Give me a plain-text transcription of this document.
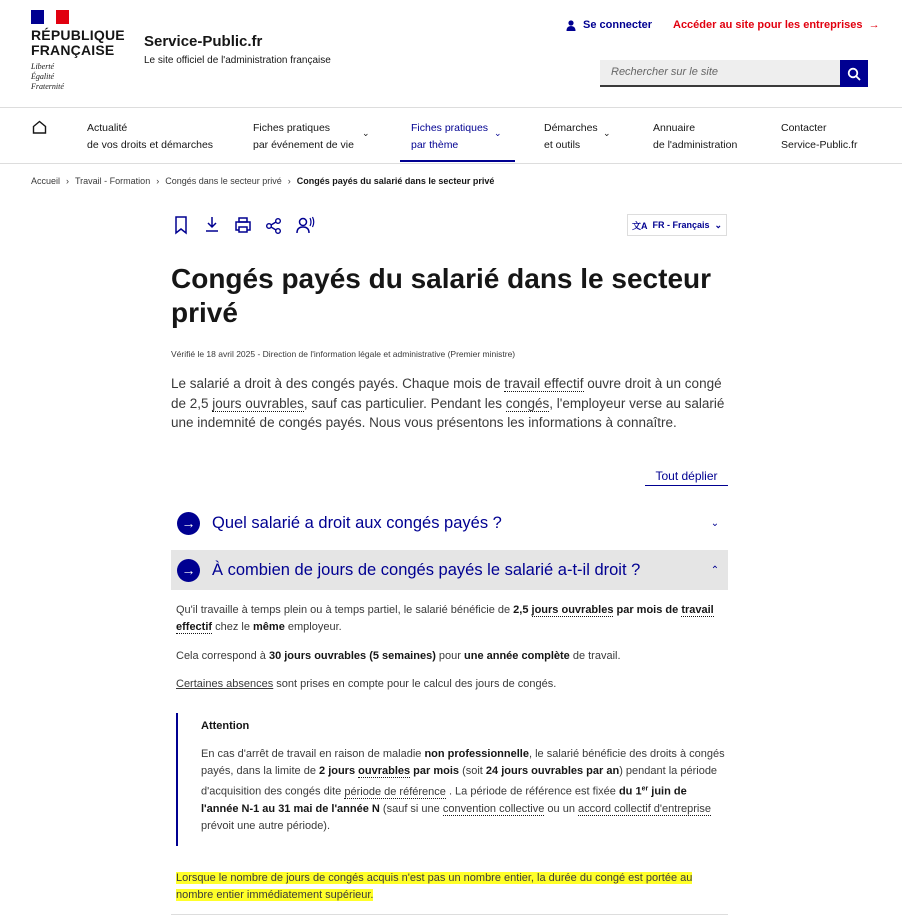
RÉPUBLIQUE
FRANÇAISE
Liberté
Égalité
Fraternité
Service-Public.fr
Le site officiel de l'administration française
Se connecter Accéder au site pour les entreprises  →
Rechercher sur le site
Actualité
de vos droits et démarches
Fiches pratiques
par événement de vie
⌄	Fiches pratiques
par thème
⌄	Démarches
et outils
⌄	Annuaire
de l'administration
Contacter
Service-Public.fr
Accueil › Travail - Formation › Congés dans le secteur privé › Congés payés du salarié dans le secteur privé
文A FR - Français ⌄
Congés payés du salarié dans le secteur privé
Vérifié le 18 avril 2025 - Direction de l'information légale et administrative (Premier ministre)
Le salarié a droit à des congés payés. Chaque mois de travail effectif ouvre droit à un congé de 2,5 jours ouvrables, sauf cas particulier. Pendant les congés, l'employeur verse au salarié une indemnité de congés payés. Nous vous présentons les informations à connaître.
Tout déplier
→ Quel salarié a droit aux congés payés ?	⌄
→ À combien de jours de congés payés le salarié a-t-il droit ?	⌃
Qu'il travaille à temps plein ou à temps partiel, le salarié bénéficie de 2,5 jours ouvrables par mois de travail effectif chez le même employeur.
Cela correspond à 30 jours ouvrables (5 semaines) pour une année complète de travail.
Certaines absences sont prises en compte pour le calcul des jours de congés.
Attention
En cas d'arrêt de travail en raison de maladie non professionnelle, le salarié bénéficie des droits à congés payés, dans la limite de 2 jours ouvrables par mois (soit 24 jours ouvrables par an) pendant la période d'acquisition des congés dite période de référence . La période de référence est fixée du 1er juin de l'année N-1 au 31 mai de l'année N (sauf si une convention collective ou un accord collectif d'entreprise prévoit une autre période).
Lorsque le nombre de jours de congés acquis n'est pas un nombre entier, la durée du congé est portée au nombre entier immédiatement supérieur.
